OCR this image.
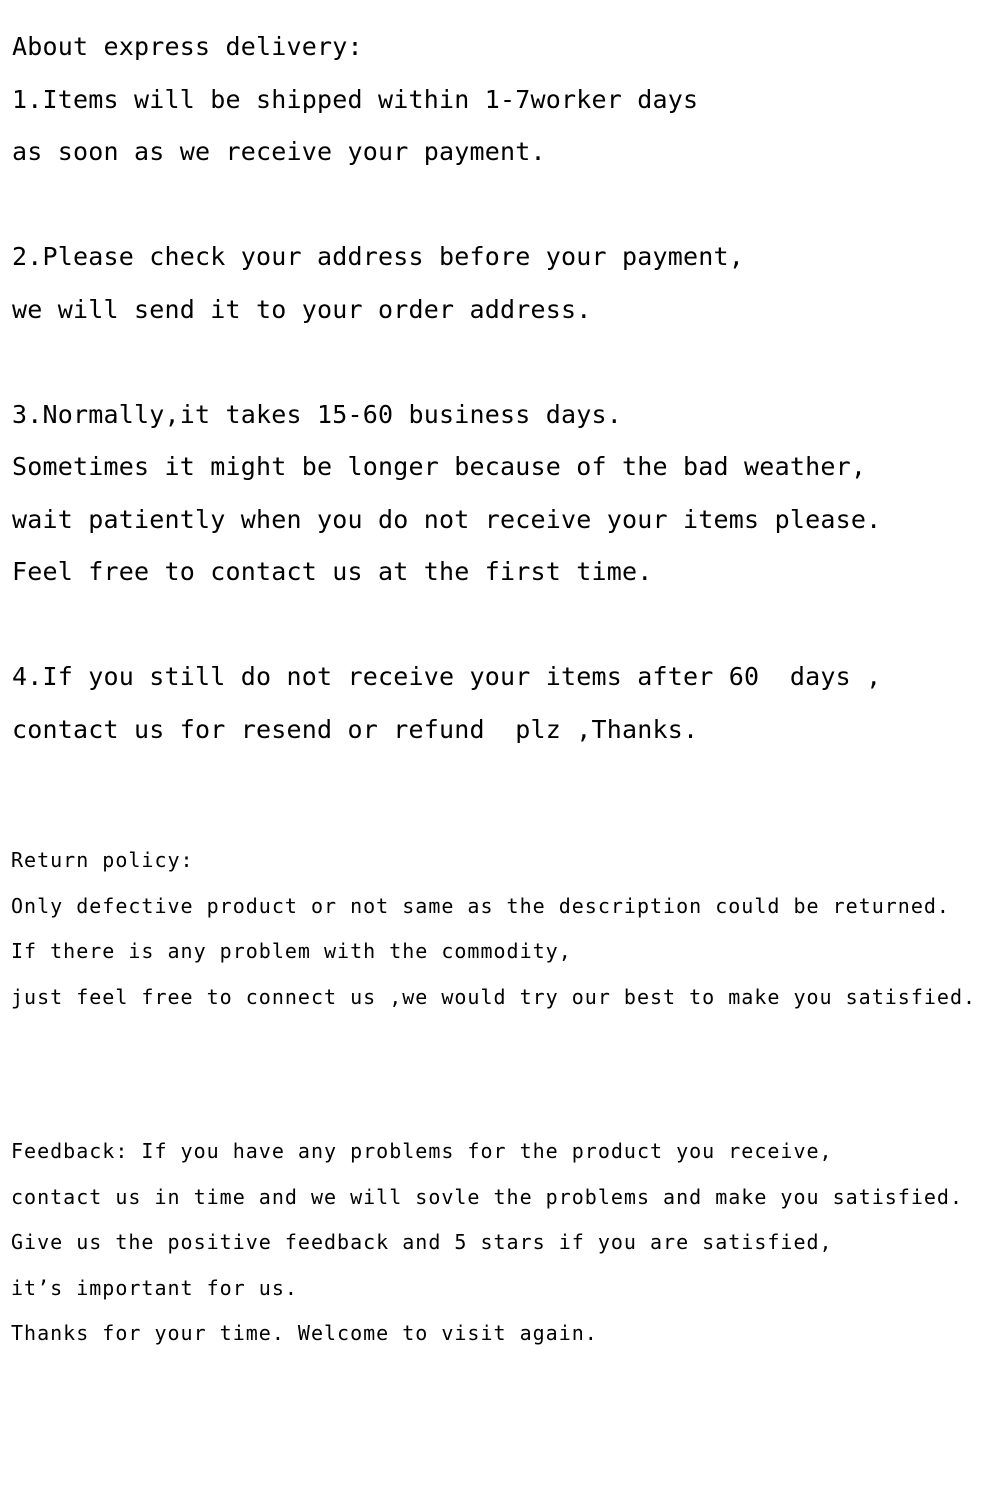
About express delivery:
1.Items will be shipped within 1-7worker days
as soon as we receive your payment.
2.Please check your address before your payment,
we will send it to your order address.
3.Normally,it takes 15-60 business days.
Sometimes it might be longer because of the bad weather,
wait patiently when you do not receive your items please.
Feel free to contact us at the first time.
4.If you still do not receive your items after 60  days ,
contact us for resend or refund  plz ,Thanks.
Return policy:
Only defective product or not same as the description could be returned.
If there is any problem with the commodity,
just feel free to connect us ,we would try our best to make you satisfied.
Feedback: If you have any problems for the product you receive,
contact us in time and we will sovle the problems and make you satisfied.
Give us the positive feedback and 5 stars if you are satisfied,
it’s important for us.
Thanks for your time. Welcome to visit again.
